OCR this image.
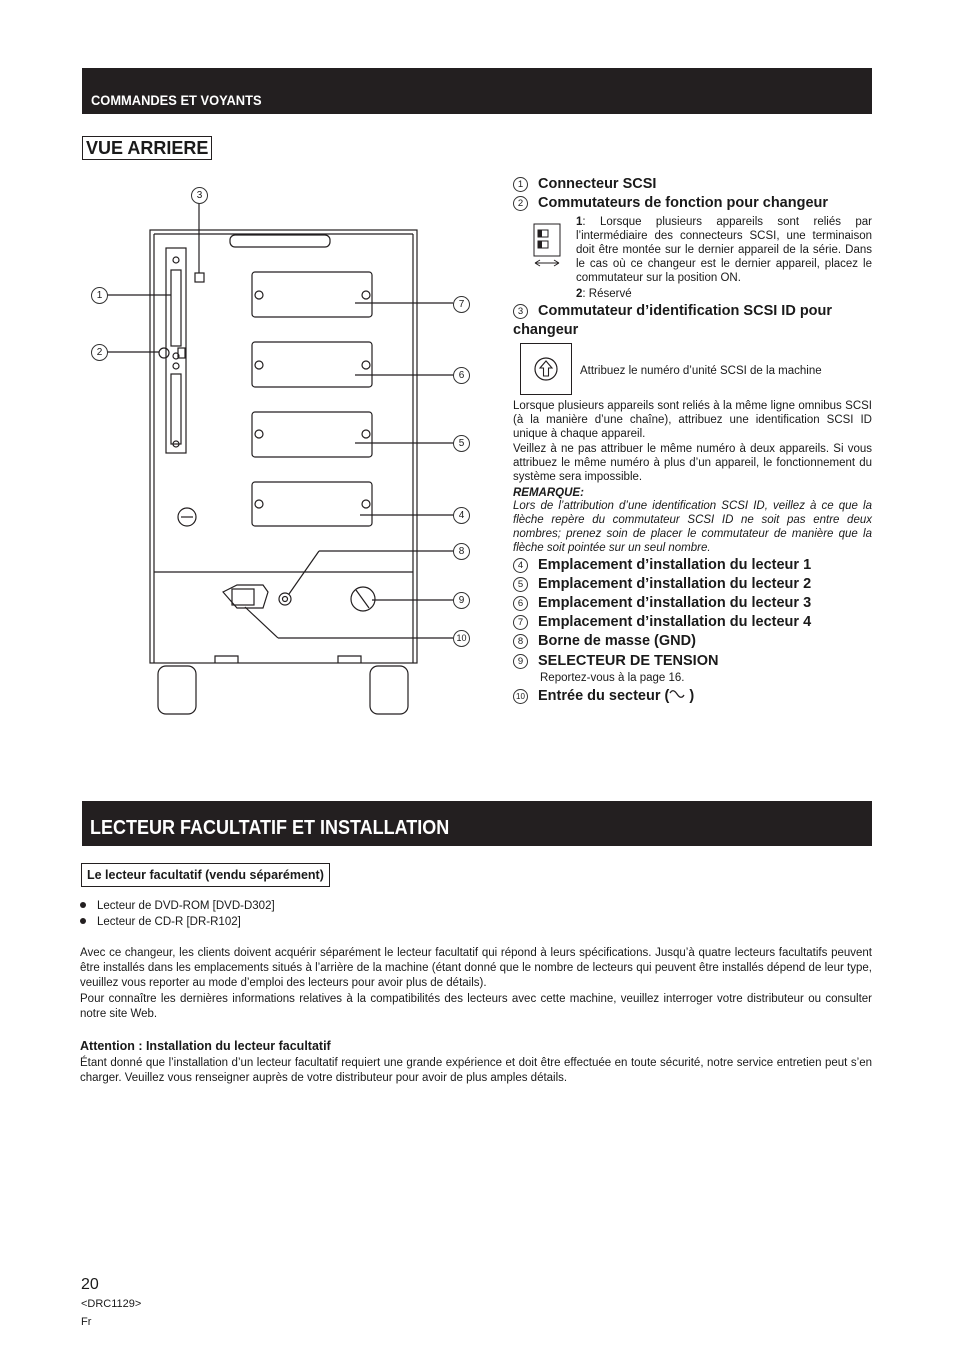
COMMANDES ET VOYANTS
VUE ARRIERE
3
1
2
7
6
5
4
8
9
10
1 Connecteur SCSI
2 Commutateurs de fonction pour changeur
1: Lorsque plusieurs appareils sont reliés par l’intermédiaire des connecteurs SCSI, une terminaison doit être montée sur le dernier appareil de la série. Dans le cas où ce changeur est le dernier appareil, placez le commutateur sur la position ON.
2: Réservé
3 Commutateur d’identification SCSI ID pour changeur
Attribuez le numéro d’unité SCSI de la machine
Lorsque plusieurs appareils sont reliés à la même ligne omnibus SCSI (à la manière d’une chaîne), attribuez une identification SCSI ID unique à chaque appareil.
Veillez à ne pas attribuer le même numéro à deux appareils. Si vous attribuez le même numéro à plus d’un appareil, le fonctionnement du système sera impossible.
REMARQUE:
Lors de l’attribution d’une identification SCSI ID, veillez à ce que la flèche repère du commutateur SCSI ID ne soit pas entre deux nombres; prenez soin de placer le commutateur de manière que la flèche soit pointée sur un seul nombre.
4 Emplacement d’installation du lecteur 1
5 Emplacement d’installation du lecteur 2
6 Emplacement d’installation du lecteur 3
7 Emplacement d’installation du lecteur 4
8 Borne de masse (GND)
9 SELECTEUR DE TENSION
Reportez-vous à la page 16.
10 Entrée du secteur ( )
LECTEUR FACULTATIF ET INSTALLATION
Le lecteur facultatif (vendu séparément)
Lecteur de DVD-ROM [DVD-D302]
Lecteur de CD-R [DR-R102]
Avec ce changeur, les clients doivent acquérir séparément le lecteur facultatif qui répond à leurs spécifications. Jusqu’à quatre lecteurs facultatifs peuvent être installés dans les emplacements situés à l’arrière de la machine (étant donné que le nombre de lecteurs qui peuvent être installés dépend de leur type, veuillez vous reporter au mode d’emploi des lecteurs pour avoir plus de détails).
Pour connaître les dernières informations relatives à la compatibilités des lecteurs avec cette machine, veuillez interroger votre distributeur ou consulter notre site Web.
Attention : Installation du lecteur facultatif
Étant donné que l’installation d’un lecteur facultatif requiert une grande expérience et doit être effectuée en toute sécurité, notre service entretien peut s’en charger. Veuillez vous renseigner auprès de votre distributeur pour avoir de plus amples détails.
20
<DRC1129>
Fr
